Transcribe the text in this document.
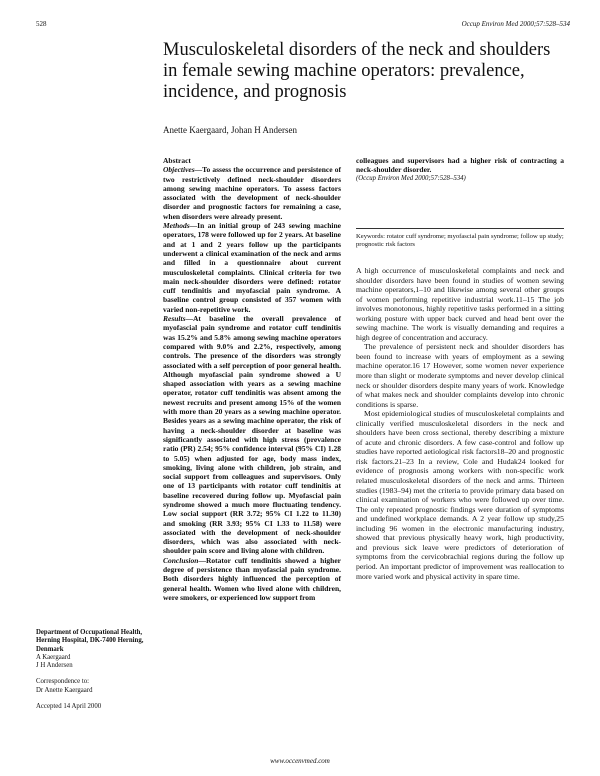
528	Occup Environ Med 2000;57:528–534
Musculoskeletal disorders of the neck and shoulders in female sewing machine operators: prevalence, incidence, and prognosis
Anette Kaergaard, Johan H Andersen

Abstract

Objectives—To assess the occurrence and persistence of two restrictively defined neck-shoulder disorders among sewing machine operators. To assess factors associated with the development of neck-shoulder disorder and prognostic factors for remaining a case, when disorders were already present.

Methods—In an initial group of 243 sewing machine operators, 178 were followed up for 2 years. At baseline and at 1 and 2 years follow up the participants underwent a clinical examination of the neck and arms and filled in a questionnaire about current musculoskeletal complaints. Clinical criteria for two main neck-shoulder disorders were defined: rotator cuff tendinitis and myofascial pain syndrome. A baseline control group consisted of 357 women with varied non-repetitive work.

Results—At baseline the overall prevalence of myofascial pain syndrome and rotator cuff tendinitis was 15.2% and 5.8% among sewing machine operators compared with 9.0% and 2.2%, respectively, among controls. The presence of the disorders was strongly associated with a self perception of poor general health. Although myofascial pain syndrome showed a U shaped association with years as a sewing machine operator, rotator cuff tendinitis was absent among the newest recruits and present among 15% of the women with more than 20 years as a sewing machine operator. Besides years as a sewing machine operator, the risk of having a neck-shoulder disorder at baseline was significantly associated with high stress (prevalence ratio (PR) 2.54; 95% confidence interval (95% CI) 1.28 to 5.05) when adjusted for age, body mass index, smoking, living alone with children, job strain, and social support from colleagues and supervisors. Only one of 13 participants with rotator cuff tendinitis at baseline recovered during follow up. Myofascial pain syndrome showed a much more fluctuating tendency. Low social support (RR 3.72; 95% CI 1.22 to 11.30) and smoking (RR 3.93; 95% CI 1.33 to 11.58) were associated with the development of neck-shoulder disorders, which was also associated with neck-shoulder pain score and living alone with children.

Conclusion—Rotator cuff tendinitis showed a higher degree of persistence than myofascial pain syndrome. Both disorders highly influenced the perception of general health. Women who lived alone with children, were smokers, or experienced low support from

colleagues and supervisors had a higher risk of contracting a neck-shoulder disorder.
(Occup Environ Med 2000;57:528–534)
Keywords: rotator cuff syndrome; myofascial pain syndrome; follow up study; prognostic risk factors

A high occurrence of musculoskeletal complaints and neck and shoulder disorders have been found in studies of women sewing machine operators,1–10 and likewise among several other groups of women performing repetitive industrial work.11–15 The job involves monotonous, highly repetitive tasks performed in a sitting working posture with upper back curved and head bent over the sewing machine. The work is visually demanding and requires a high degree of concentration and accuracy.

The prevalence of persistent neck and shoulder disorders has been found to increase with years of employment as a sewing machine operator.16 17 However, some women never experience more than slight or moderate symptoms and never develop clinical neck or shoulder disorders despite many years of work. Knowledge of what makes neck and shoulder complaints develop into chronic conditions is sparse.

Most epidemiological studies of musculoskeletal complaints and clinically verified musculoskeletal disorders in the neck and shoulders have been cross sectional, thereby describing a mixture of acute and chronic disorders. A few case-control and follow up studies have reported aetiological risk factors18–20 and prognostic risk factors.21–23 In a review, Cole and Hudak24 looked for evidence of prognosis among workers with non-specific work related musculoskeletal disorders of the neck and arms. Thirteen studies (1983–94) met the criteria to provide primary data based on clinical examination of workers who were followed up over time. The only repeated prognostic findings were duration of symptoms and undefined workplace demands. A 2 year follow up study,25 including 96 women in the electronic manufacturing industry, showed that previous physically heavy work, high productivity, and previous sick leave were predictors of deterioration of symptoms from the cervicobrachial regions during the follow up period. An important predictor of improvement was reallocation to more varied work and physical activity in spare time.

Department of Occupational Health, Herning Hospital, DK-7400 Herning, Denmark

A Kaergaard

J H Andersen

Correspondence to:

Dr Anette Kaergaard

Accepted 14 April 2000

www.occenvmed.com
